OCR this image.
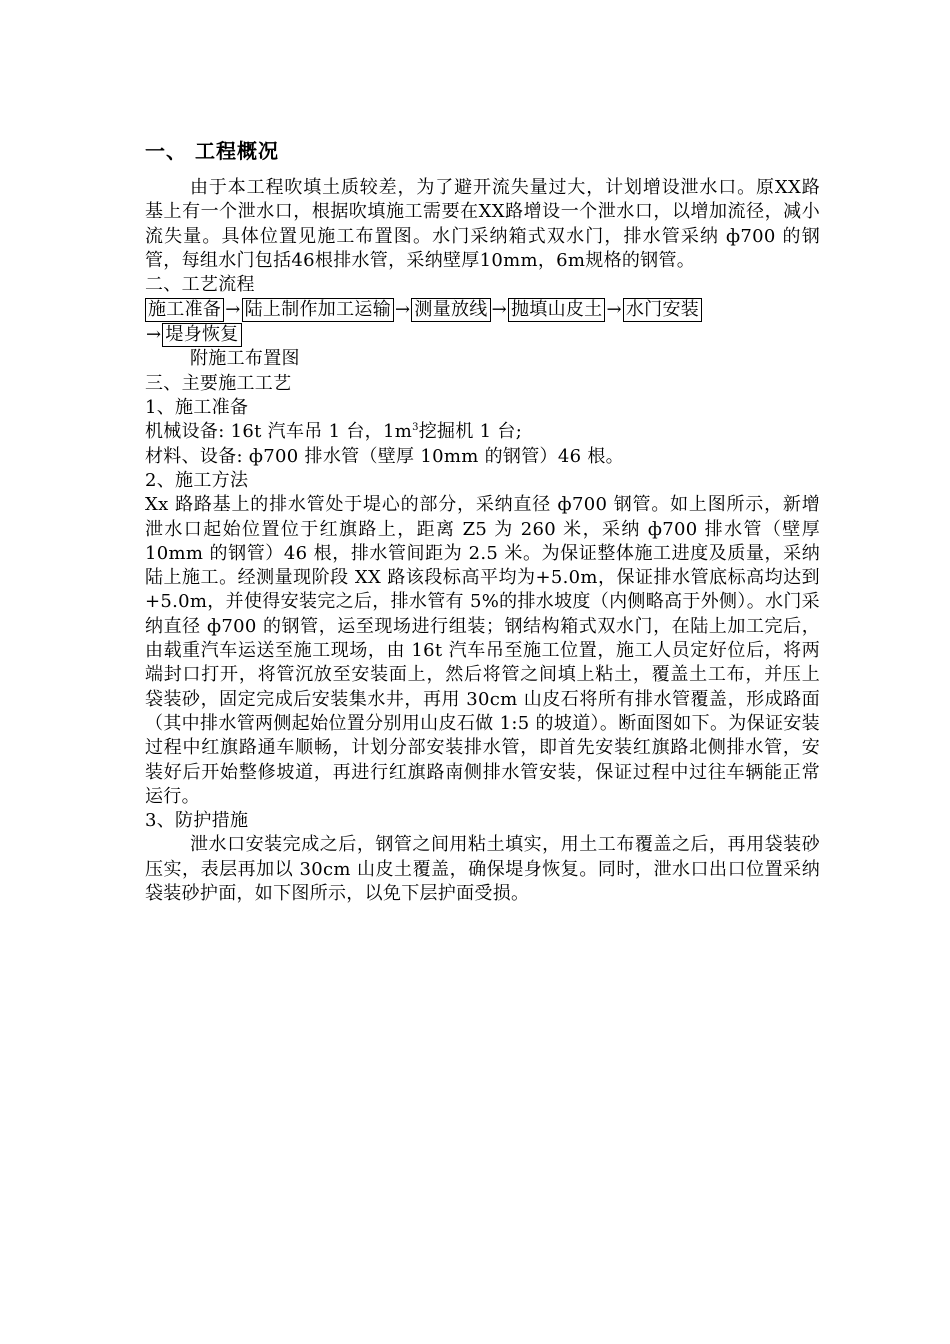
一、 工程概况

由于本工程吹填土质较差，为了避开流失量过大，计划增设泄水口。原XX路基上有一个泄水口，根据吹填施工需要在XX路增设一个泄水口，以增加流径，减小流失量。具体位置见施工布置图。水门采纳箱式双水门，排水管采纳 ф700 的钢管，每组水门包括46根排水管，采纳壁厚10mm，6m规格的钢管。

二、工艺流程

施工准备 → 陆上制作加工运输 → 测量放线 → 抛填山皮土 → 水门安装
→ 堤身恢复

附施工布置图

三、主要施工工艺

1、施工准备

机械设备: 16t 汽车吊 1 台，$1m^3$挖掘机 1 台;

材料、设备: ф700 排水管（壁厚 10mm 的钢管）46 根。

2、施工方法

Xx 路路基上的排水管处于堤心的部分，采纳直径 ф700 钢管。如上图所示，新增泄水口起始位置位于红旗路上，距离 Z5 为 260 米，采纳 ф700 排水管（壁厚 10mm 的钢管）46 根，排水管间距为 2.5 米。为保证整体施工进度及质量，采纳陆上施工。经测量现阶段 XX 路该段标高平均为+5.0m，保证排水管底标高均达到+5.0m，并使得安装完之后，排水管有 5%的排水坡度（内侧略高于外侧）。水门采纳直径 ф700 的钢管，运至现场进行组装；钢结构箱式双水门，在陆上加工完后，由载重汽车运送至施工现场，由 16t 汽车吊至施工位置，施工人员定好位后，将两端封口打开，将管沉放至安装面上，然后将管之间填上粘土，覆盖土工布，并压上袋装砂，固定完成后安装集水井，再用 30cm 山皮石将所有排水管覆盖，形成路面（其中排水管两侧起始位置分别用山皮石做 1:5 的坡道）。断面图如下。为保证安装过程中红旗路通车顺畅，计划分部安装排水管，即首先安装红旗路北侧排水管，安装好后开始整修坡道，再进行红旗路南侧排水管安装，保证过程中过往车辆能正常运行。

3、防护措施

泄水口安装完成之后，钢管之间用粘土填实，用土工布覆盖之后，再用袋装砂压实，表层再加以 30cm 山皮土覆盖，确保堤身恢复。同时，泄水口出口位置采纳袋装砂护面，如下图所示，以免下层护面受损。
